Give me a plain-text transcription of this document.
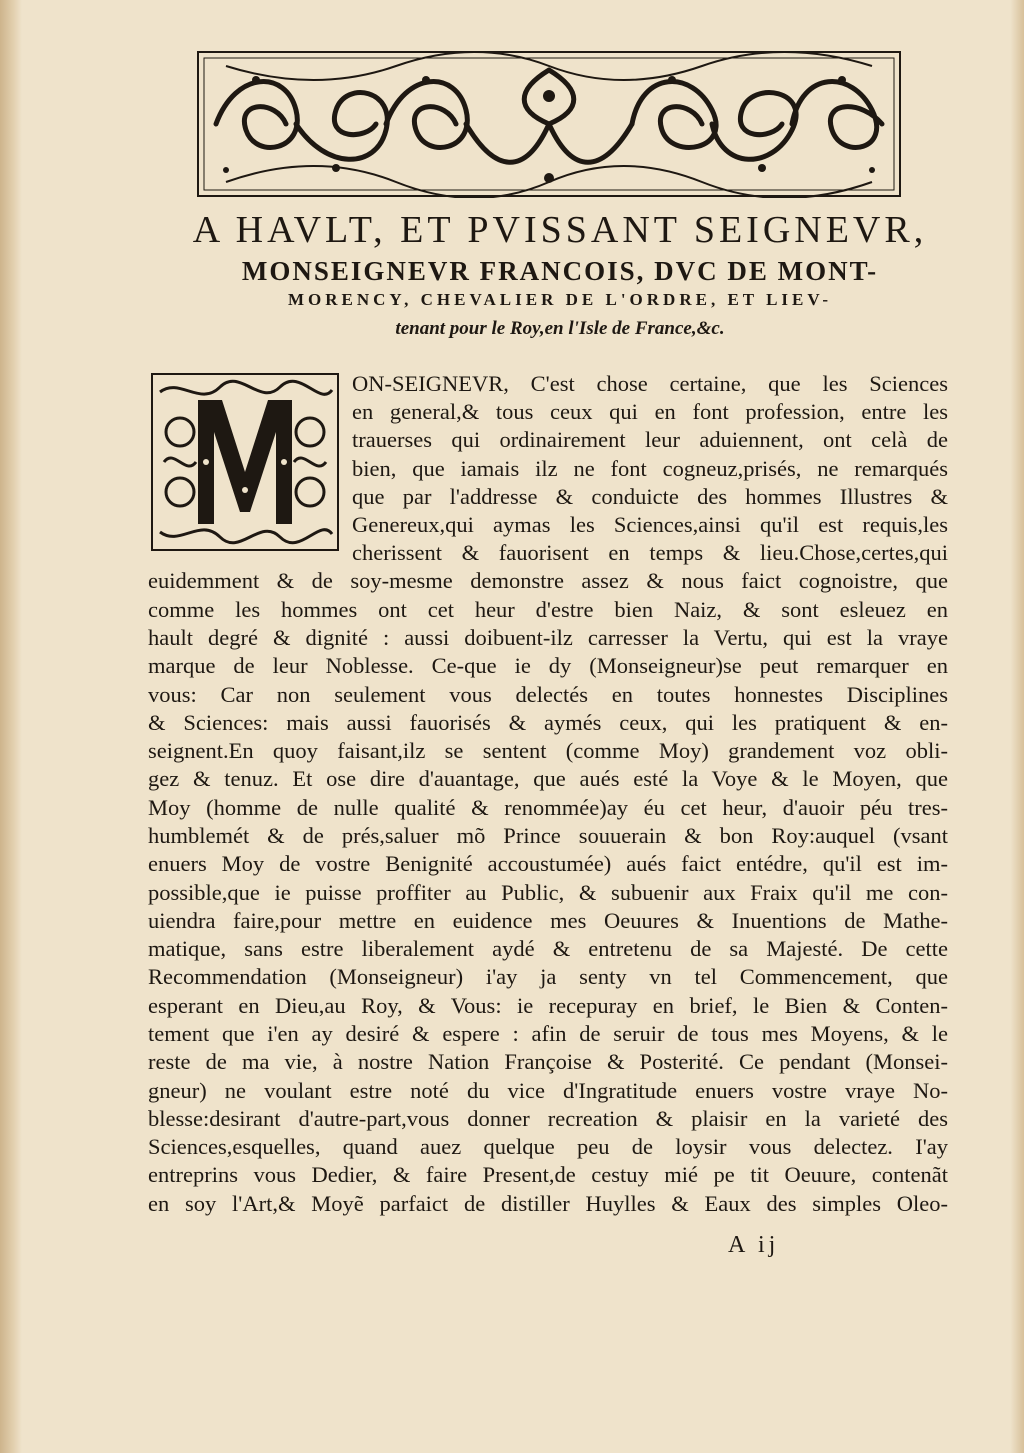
A HAVLT, ET PVISSANT SEIGNEVR,
MONSEIGNEVR FRANCOIS, DVC DE MONT-
MORENCY, CHEVALIER DE L'ORDRE, ET LIEV-
tenant pour le Roy,en l'Isle de France,&c.

ON-SEIGNEVR, C'est chose certaine, que les Sciences

en general,& tous ceux qui en font profession, entre les

trauerses qui ordinairement leur aduiennent, ont celà de

bien, que iamais ilz ne font cogneuz,prisés, ne remarqués

que par l'addresse & conduicte des hommes Illustres &

Genereux,qui aymas les Sciences,ainsi qu'il est requis,les

cherissent & fauorisent en temps & lieu.Chose,certes,qui

euidemment & de soy-mesme demonstre assez & nous faict cognoistre, que

comme les hommes ont cet heur d'estre bien Naiz, & sont esleuez en

hault degré & dignité : aussi doibuent-ilz carresser la Vertu, qui est la vraye

marque de leur Noblesse. Ce-que ie dy (Monseigneur)se peut remarquer en

vous: Car non seulement vous delectés en toutes honnestes Disciplines

& Sciences: mais aussi fauorisés & aymés ceux, qui les pratiquent & en-

seignent.En quoy faisant,ilz se sentent (comme Moy) grandement voz obli-

gez & tenuz. Et ose dire d'auantage, que aués esté la Voye & le Moyen, que

Moy (homme de nulle qualité & renommée)ay éu cet heur, d'auoir péu tres-

humblemét & de prés,saluer mõ Prince souuerain & bon Roy:auquel (vsant

enuers Moy de vostre Benignité accoustumée) aués faict entédre, qu'il est im-

possible,que ie puisse proffiter au Public, & subuenir aux Fraix qu'il me con-

uiendra faire,pour mettre en euidence mes Oeuures & Inuentions de Mathe-

matique, sans estre liberalement aydé & entretenu de sa Majesté. De cette

Recommendation (Monseigneur) i'ay ja senty vn tel Commencement, que

esperant en Dieu,au Roy, & Vous: ie recepuray en brief, le Bien & Conten-

tement que i'en ay desiré & espere : afin de seruir de tous mes Moyens, & le

reste de ma vie, à nostre Nation Françoise & Posterité. Ce pendant (Monsei-

gneur) ne voulant estre noté du vice d'Ingratitude enuers vostre vraye No-

blesse:desirant d'autre-part,vous donner recreation & plaisir en la varieté des

Sciences,esquelles, quand auez quelque peu de loysir vous delectez. I'ay

entreprins vous Dedier, & faire Present,de cestuy mié pe tit Oeuure, contenãt

en soy l'Art,& Moyẽ parfaict de distiller Huylles & Eaux des simples Oleo-

A ij
